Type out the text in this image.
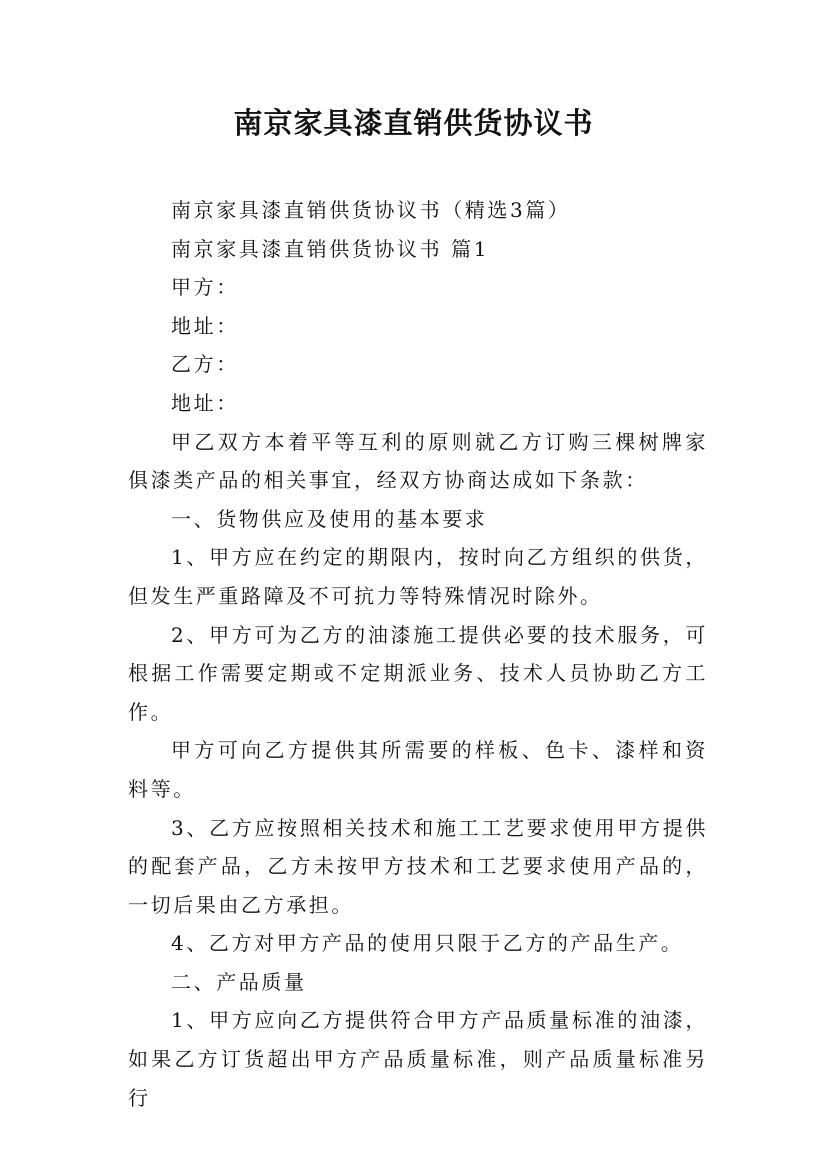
南京家具漆直销供货协议书

南京家具漆直销供货协议书（精选3篇）

南京家具漆直销供货协议书 篇1

甲方：

地址：

乙方：

地址：

甲乙双方本着平等互利的原则就乙方订购三棵树牌家俱漆类产品的相关事宜，经双方协商达成如下条款：

一、货物供应及使用的基本要求

1、甲方应在约定的期限内，按时向乙方组织的供货，但发生严重路障及不可抗力等特殊情况时除外。

2、甲方可为乙方的油漆施工提供必要的技术服务，可根据工作需要定期或不定期派业务、技术人员协助乙方工作。

甲方可向乙方提供其所需要的样板、色卡、漆样和资料等。

3、乙方应按照相关技术和施工工艺要求使用甲方提供的配套产品，乙方未按甲方技术和工艺要求使用产品的，一切后果由乙方承担。

4、乙方对甲方产品的使用只限于乙方的产品生产。

二、产品质量

1、甲方应向乙方提供符合甲方产品质量标准的油漆，如果乙方订货超出甲方产品质量标准，则产品质量标准另行
